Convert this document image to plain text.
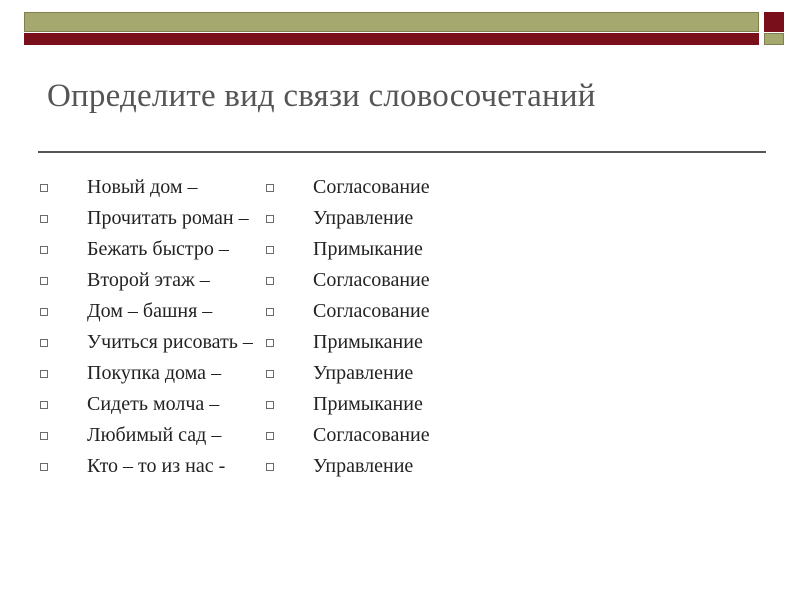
Определите вид связи словосочетаний
Новый дом –
Прочитать роман –
Бежать быстро –
Второй этаж –
Дом – башня –
Учиться рисовать –
Покупка дома –
Сидеть молча –
Любимый сад –
Кто – то из нас -
Согласование
Управление
Примыкание
Согласование
Согласование
Примыкание
Управление
Примыкание
Согласование
Управление
